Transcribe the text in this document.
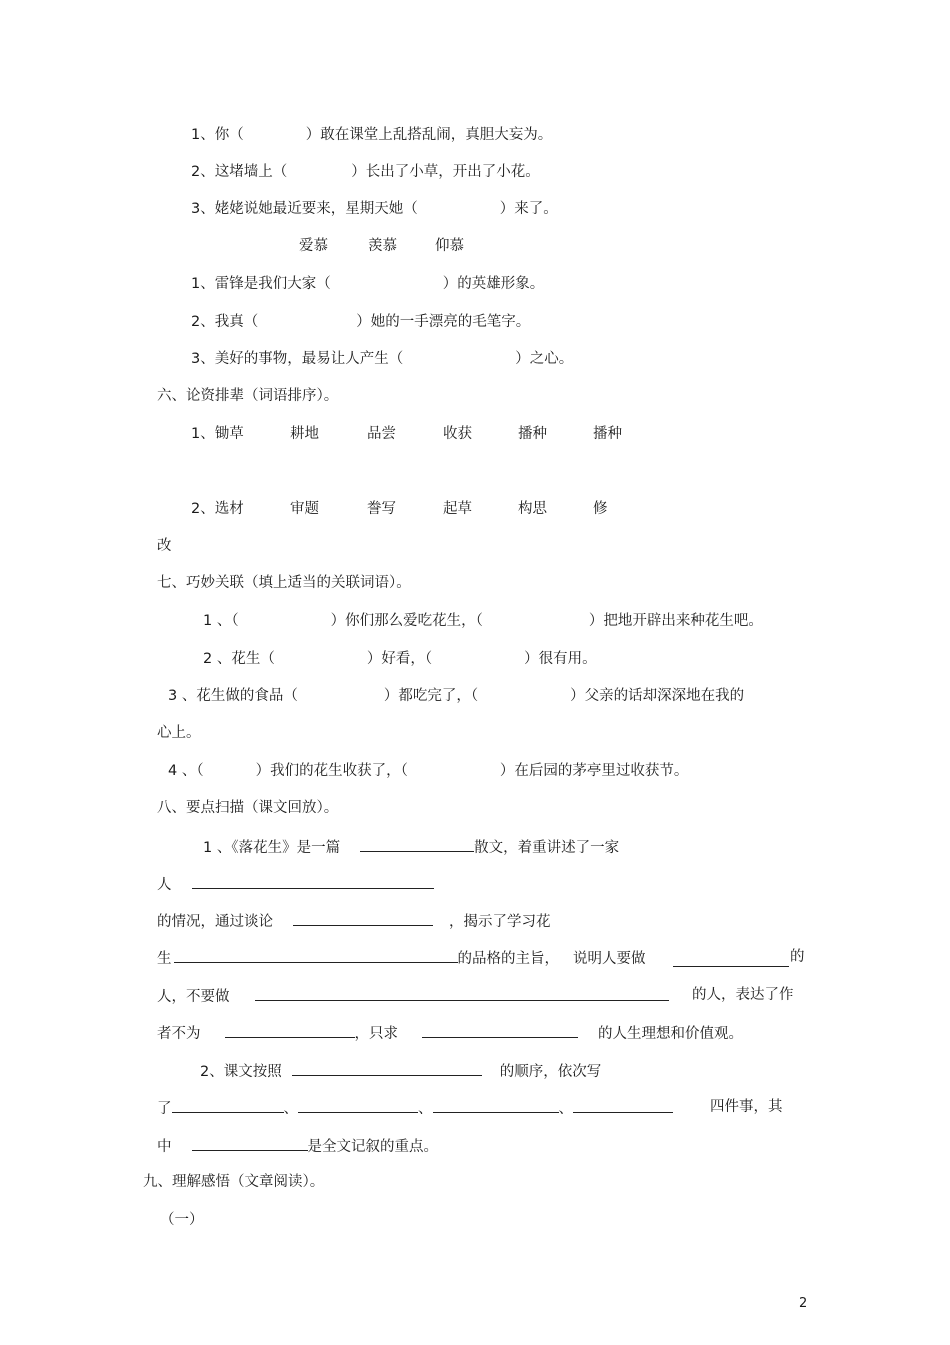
1、你（	）敢在课堂上乱搭乱闹，真胆大妄为。
2、这堵墙上（	）长出了小草，开出了小花。
3、姥姥说她最近要来，星期天她（	）来了。
爱慕	羡慕	仰慕
1、雷锋是我们大家（	）的英雄形象。
2、我真（	）她的一手漂亮的毛笔字。
3、美好的事物，最易让人产生（	）之心。
六、论资排辈（词语排序）。
1、锄草	耕地	品尝	收获	播种	播种
2、选材	审题	誊写	起草	构思	修
改
七、巧妙关联（填上适当的关联词语）。
1 、（	）你们那么爱吃花生，（	）把地开辟出来种花生吧。
2 、花生（	）好看，（	）很有用。
3 、花生做的食品（	）都吃完了，（	）父亲的话却深深地在我的
心上。
4 、（	）我们的花生收获了，（	）在后园的茅亭里过收获节。
八、要点扫描（课文回放）。
1 、《落花生》是一篇	散文，着重讲述了一家
人
的情况，通过谈论	，揭示了学习花
生	的品格的主旨， 说明人要做	的
人，不要做	的人，表达了作
者不为	，只求	的人生理想和价值观。
2、课文按照	的顺序，依次写
了	、	、	、	四件事，其
中	是全文记叙的重点。
九、理解感悟（文章阅读）。
（一）
2
